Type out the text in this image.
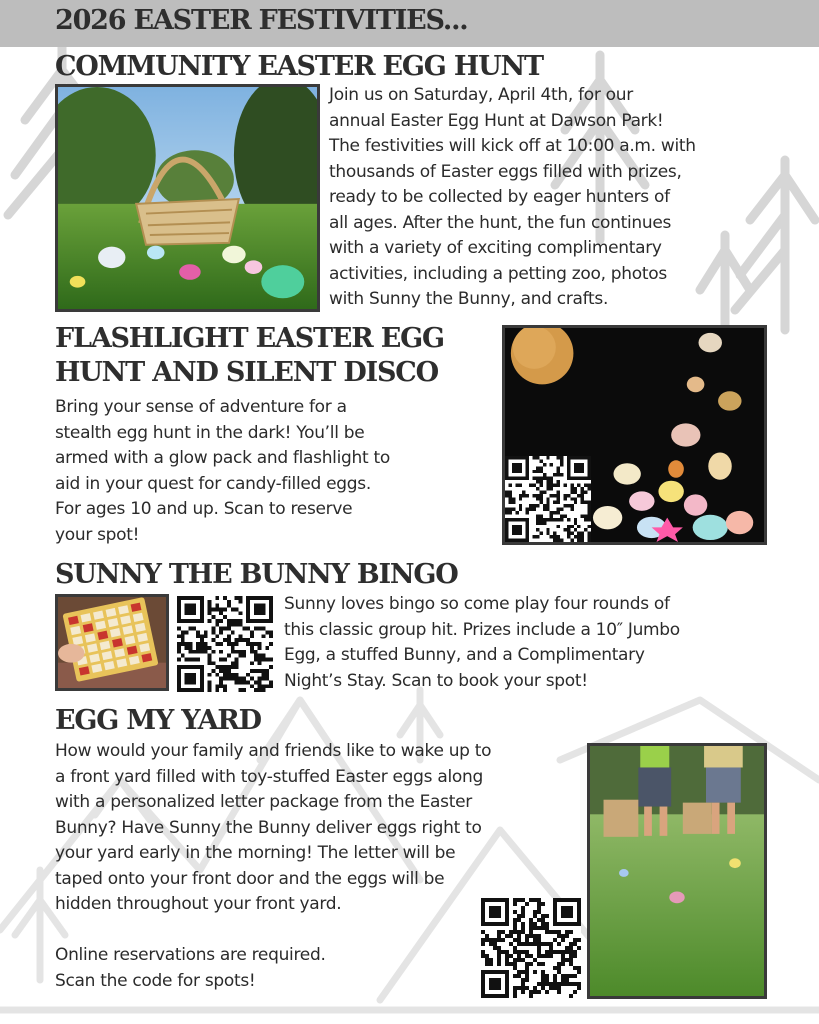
2026 EASTER FESTIVITIES...
COMMUNITY EASTER EGG HUNT
Join us on Saturday, April 4th, for our
annual Easter Egg Hunt at Dawson Park!
The festivities will kick off at 10:00 a.m. with
thousands of Easter eggs filled with prizes,
ready to be collected by eager hunters of
all ages. After the hunt, the fun continues
with a variety of exciting complimentary
activities, including a petting zoo, photos
with Sunny the Bunny, and crafts.
FLASHLIGHT EASTER EGG
HUNT AND SILENT DISCO
Bring your sense of adventure for a
stealth egg hunt in the dark! You’ll be
armed with a glow pack and flashlight to
aid in your quest for candy-filled eggs.
For ages 10 and up. Scan to reserve
your spot!
SUNNY THE BUNNY BINGO
Sunny loves bingo so come play four rounds of
this classic group hit. Prizes include a 10″ Jumbo
Egg, a stuffed Bunny, and a Complimentary
Night’s Stay. Scan to book your spot!
EGG MY YARD
How would your family and friends like to wake up to
a front yard filled with toy-stuffed Easter eggs along
with a personalized letter package from the Easter
Bunny? Have Sunny the Bunny deliver eggs right to
your yard early in the morning! The letter will be
taped onto your front door and the eggs will be
hidden throughout your front yard.
Online reservations are required.
Scan the code for spots!
